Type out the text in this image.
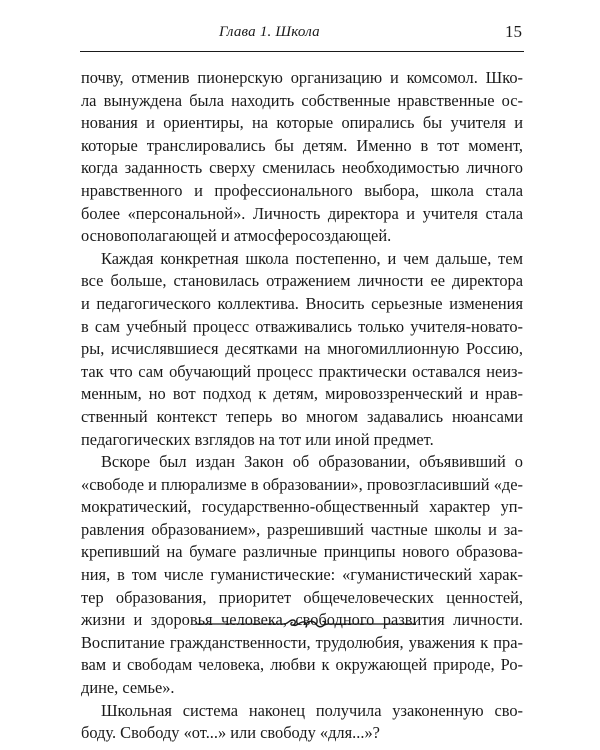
Глава 1. Школа	15
почву, отменив пионерскую организацию и комсомол. Шко-
ла вынуждена была находить собственные нравственные ос-
нования и ориентиры, на которые опирались бы учителя и
которые транслировались бы детям. Именно в тот момент,
когда заданность сверху сменилась необходимостью личного
нравственного и профессионального выбора, школа стала
более «персональной». Личность директора и учителя стала
основополагающей и атмосферосоздающей.
Каждая конкретная школа постепенно, и чем дальше, тем
все больше, становилась отражением личности ее директора
и педагогического коллектива. Вносить серьезные изменения
в сам учебный процесс отваживались только учителя-новато-
ры, исчислявшиеся десятками на многомиллионную Россию,
так что сам обучающий процесс практически оставался неиз-
менным, но вот подход к детям, мировоззренческий и нрав-
ственный контекст теперь во многом задавались нюансами
педагогических взглядов на тот или иной предмет.
Вскоре был издан Закон об образовании, объявивший о
«свободе и плюрализме в образовании», провозгласивший «де-
мократический, государственно-общественный характер уп-
равления образованием», разрешивший частные школы и за-
крепивший на бумаге различные принципы нового образова-
ния, в том числе гуманистические: «гуманистический харак-
тер образования, приоритет общечеловеческих ценностей,
жизни и здоровья человека, свободного развития личности.
Воспитание гражданственности, трудолюбия, уважения к пра-
вам и свободам человека, любви к окружающей природе, Ро-
дине, семье».
Школьная система наконец получила узаконенную сво-
боду. Свободу «от...» или свободу «для...»?
